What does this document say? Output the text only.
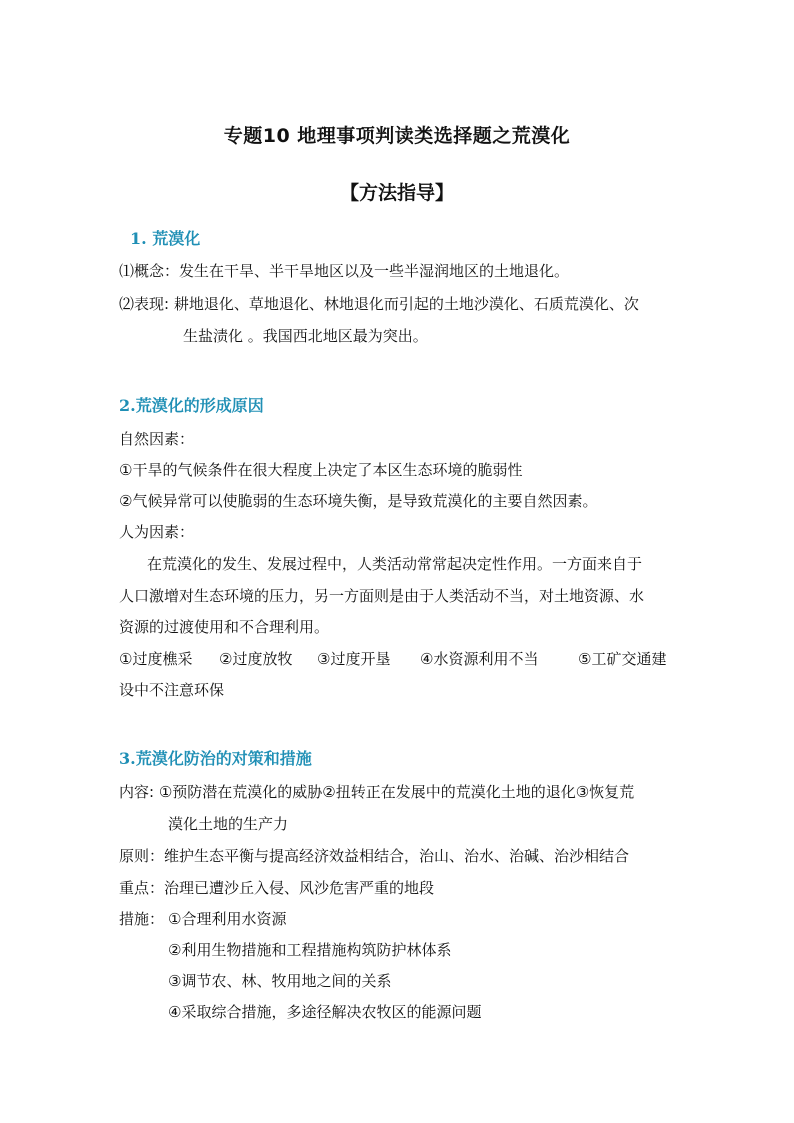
专题10 地理事项判读类选择题之荒漠化
【方法指导】
1. 荒漠化
⑴概念：发生在干旱、半干旱地区以及一些半湿润地区的土地退化。
⑵表现: 耕地退化、草地退化、林地退化而引起的土地沙漠化、石质荒漠化、次
生盐渍化 。我国西北地区最为突出。
2.荒漠化的形成原因
自然因素：
①干旱的气候条件在很大程度上决定了本区生态环境的脆弱性
②气候异常可以使脆弱的生态环境失衡，是导致荒漠化的主要自然因素。
人为因素：
在荒漠化的发生、发展过程中，人类活动常常起决定性作用。一方面来自于
人口激增对生态环境的压力，另一方面则是由于人类活动不当，对土地资源、水
资源的过渡使用和不合理利用。
①过度樵采 ②过度放牧 ③过度开垦 ④水资源利用不当	⑤工矿交通建
设中不注意环保
3.荒漠化防治的对策和措施
内容: ①预防潜在荒漠化的威胁②扭转正在发展中的荒漠化土地的退化③恢复荒
漠化土地的生产力
原则：维护生态平衡与提高经济效益相结合，治山、治水、治碱、治沙相结合
重点：治理已遭沙丘入侵、风沙危害严重的地段
措施： ①合理利用水资源
②利用生物措施和工程措施构筑防护林体系
③调节农、林、牧用地之间的关系
④采取综合措施，多途径解决农牧区的能源问题
